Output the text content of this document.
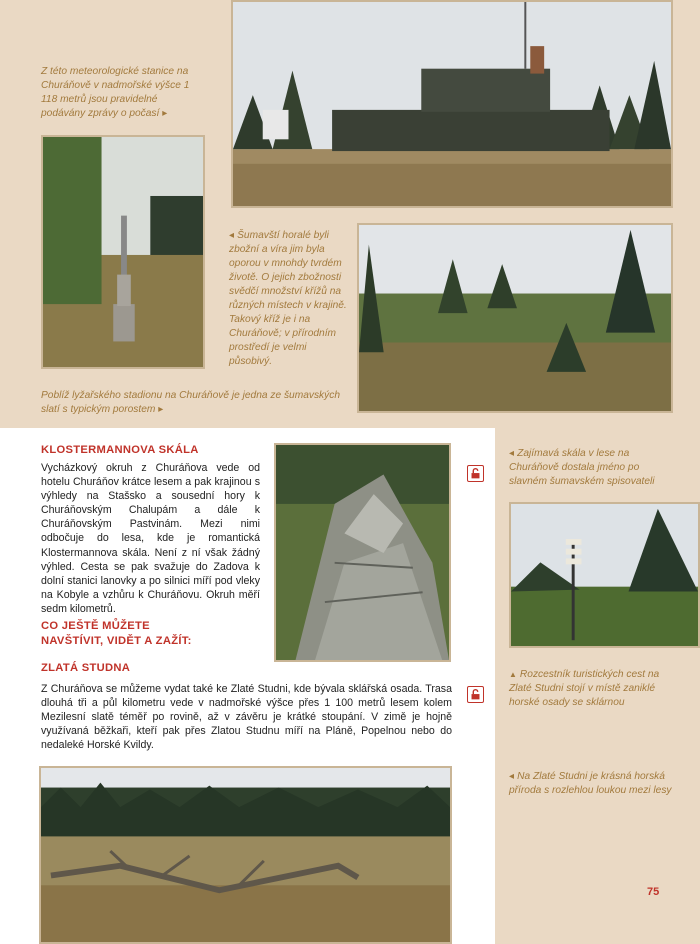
Z této meteorologické stanice na Churáňově v nadmořské výšce 1 118 metrů jsou pravidelné podávány zprávy o počasí ▸
◂ Šumavští horalé byli zbožní a víra jim byla oporou v mnohdy tvrdém životě. O jejich zbožnosti svědčí množství křížů na různých místech v krajině. Takový kříž je i na Churáňově; v přírodním prostředí je velmi působivý.
Poblíž lyžařského stadionu na Churáňově je jedna ze šumavských slatí s typickým porostem ▸
KLOSTERMANNOVA SKÁLA
Vycházkový okruh z Churáňova vede od hotelu Churáňov krátce lesem a pak krajinou s výhledy na Stašsko a sousední hory k Churáňovským Chalupám a dále k Churáňovským Pastvinám. Mezi nimi odbočuje do lesa, kde je romantická Klostermannova skála. Není z ní však žádný výhled. Cesta se pak svažuje do Zadova k dolní stanici lanovky a po silnici míří pod vleky na Kobyle a vzhůru k Churáňovu. Okruh měří sedm kilometrů.
CO JEŠTĚ MŮŽETE
NAVŠTÍVIT, VIDĚT A ZAŽÍT:
ZLATÁ STUDNA
Z Churáňova se můžeme vydat také ke Zlaté Studni, kde bývala sklářská osada. Trasa dlouhá tři a půl kilometru vede v nadmořské výšce přes 1 100 metrů lesem kolem Mezilesní slatě téměř po rovině, až v závěru je krátké stoupání. V zimě je hojně využívaná běžkaři, kteří pak přes Zlatou Studnu míří na Pláně, Popelnou nebo do nedaleké Horské Kvildy.
◂ Zajímavá skála v lese na Churáňově dostala jméno po slavném šumavském spisovateli
▲ Rozcestník turistických cest na Zlaté Studni stojí v místě zaniklé horské osady se sklárnou
◂ Na Zlaté Studni je krásná horská příroda s rozlehlou loukou mezi lesy
75
